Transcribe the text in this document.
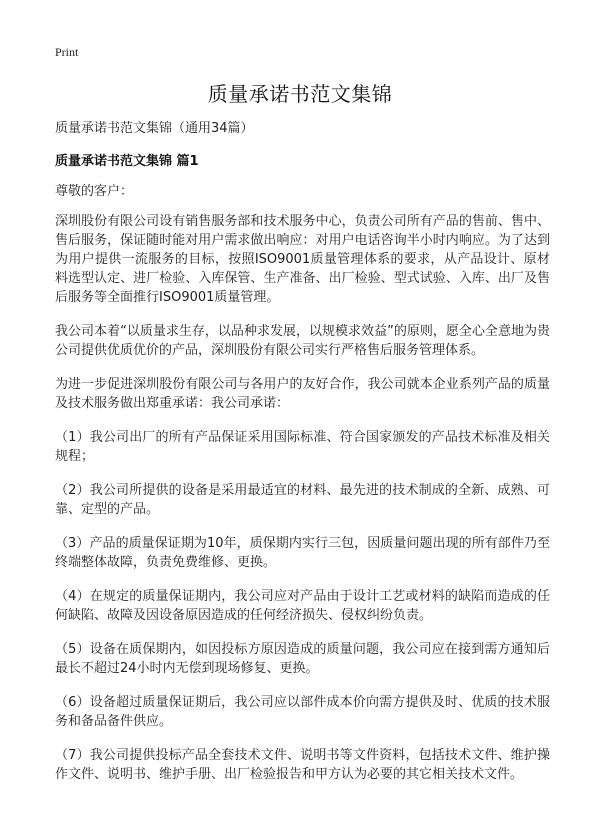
Print
质量承诺书范文集锦

质量承诺书范文集锦（通用34篇）

质量承诺书范文集锦 篇1

尊敬的客户：

深圳股份有限公司设有销售服务部和技术服务中心，负责公司所有产品的售前、售中、售后服务，保证随时能对用户需求做出响应：对用户电话咨询半小时内响应。为了达到为用户提供一流服务的目标，按照ISO9001质量管理体系的要求，从产品设计、原材料选型认定、进厂检验、入库保管、生产准备、出厂检验、型式试验、入库、出厂及售后服务等全面推行ISO9001质量管理。

我公司本着“以质量求生存，以品种求发展，以规模求效益”的原则，愿全心全意地为贵公司提供优质优价的产品，深圳股份有限公司实行严格售后服务管理体系。

为进一步促进深圳股份有限公司与各用户的友好合作，我公司就本企业系列产品的质量及技术服务做出郑重承诺：我公司承诺：

（1）我公司出厂的所有产品保证采用国际标准、符合国家颁发的产品技术标准及相关规程；

（2）我公司所提供的设备是采用最适宜的材料、最先进的技术制成的全新、成熟、可靠、定型的产品。

（3）产品的质量保证期为10年，质保期内实行三包，因质量问题出现的所有部件乃至终端整体故障，负责免费维修、更换。

（4）在规定的质量保证期内，我公司应对产品由于设计工艺或材料的缺陷而造成的任何缺陷、故障及因设备原因造成的任何经济损失、侵权纠纷负责。

（5）设备在质保期内，如因投标方原因造成的质量问题，我公司应在接到需方通知后最长不超过24小时内无偿到现场修复、更换。

（6）设备超过质量保证期后，我公司应以部件成本价向需方提供及时、优质的技术服务和备品备件供应。

（7）我公司提供投标产品全套技术文件、说明书等文件资料，包括技术文件、维护操作文件、说明书、维护手册、出厂检验报告和甲方认为必要的其它相关技术文件。
